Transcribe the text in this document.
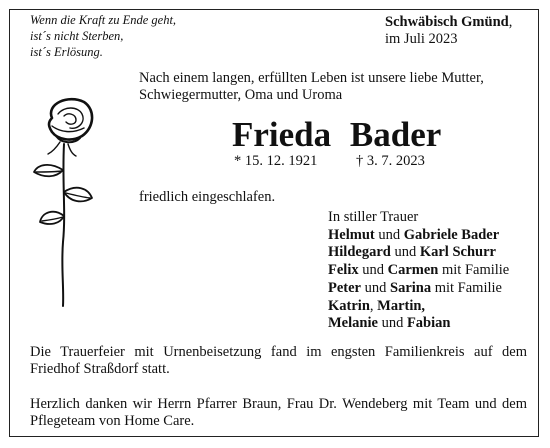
Wenn die Kraft zu Ende geht,
ist´s nicht Sterben,
ist´s Erlösung.
Schwäbisch Gmünd,
im Juli 2023
Nach einem langen, erfüllten Leben ist unsere liebe Mutter,
Schwiegermutter, Oma und Uroma
Frieda Bader
* 15. 12. 1921	† 3. 7. 2023
friedlich eingeschlafen.
In stiller Trauer
Helmut und Gabriele Bader
Hildegard und Karl Schurr
Felix und Carmen mit Familie
Peter und Sarina mit Familie
Katrin, Martin,
Melanie und Fabian
Die Trauerfeier mit Urnenbeisetzung fand im engsten Familienkreis auf dem Friedhof Straßdorf statt.
Herzlich danken wir Herrn Pfarrer Braun, Frau Dr. Wendeberg mit Team und dem Pflegeteam von Home Care.
